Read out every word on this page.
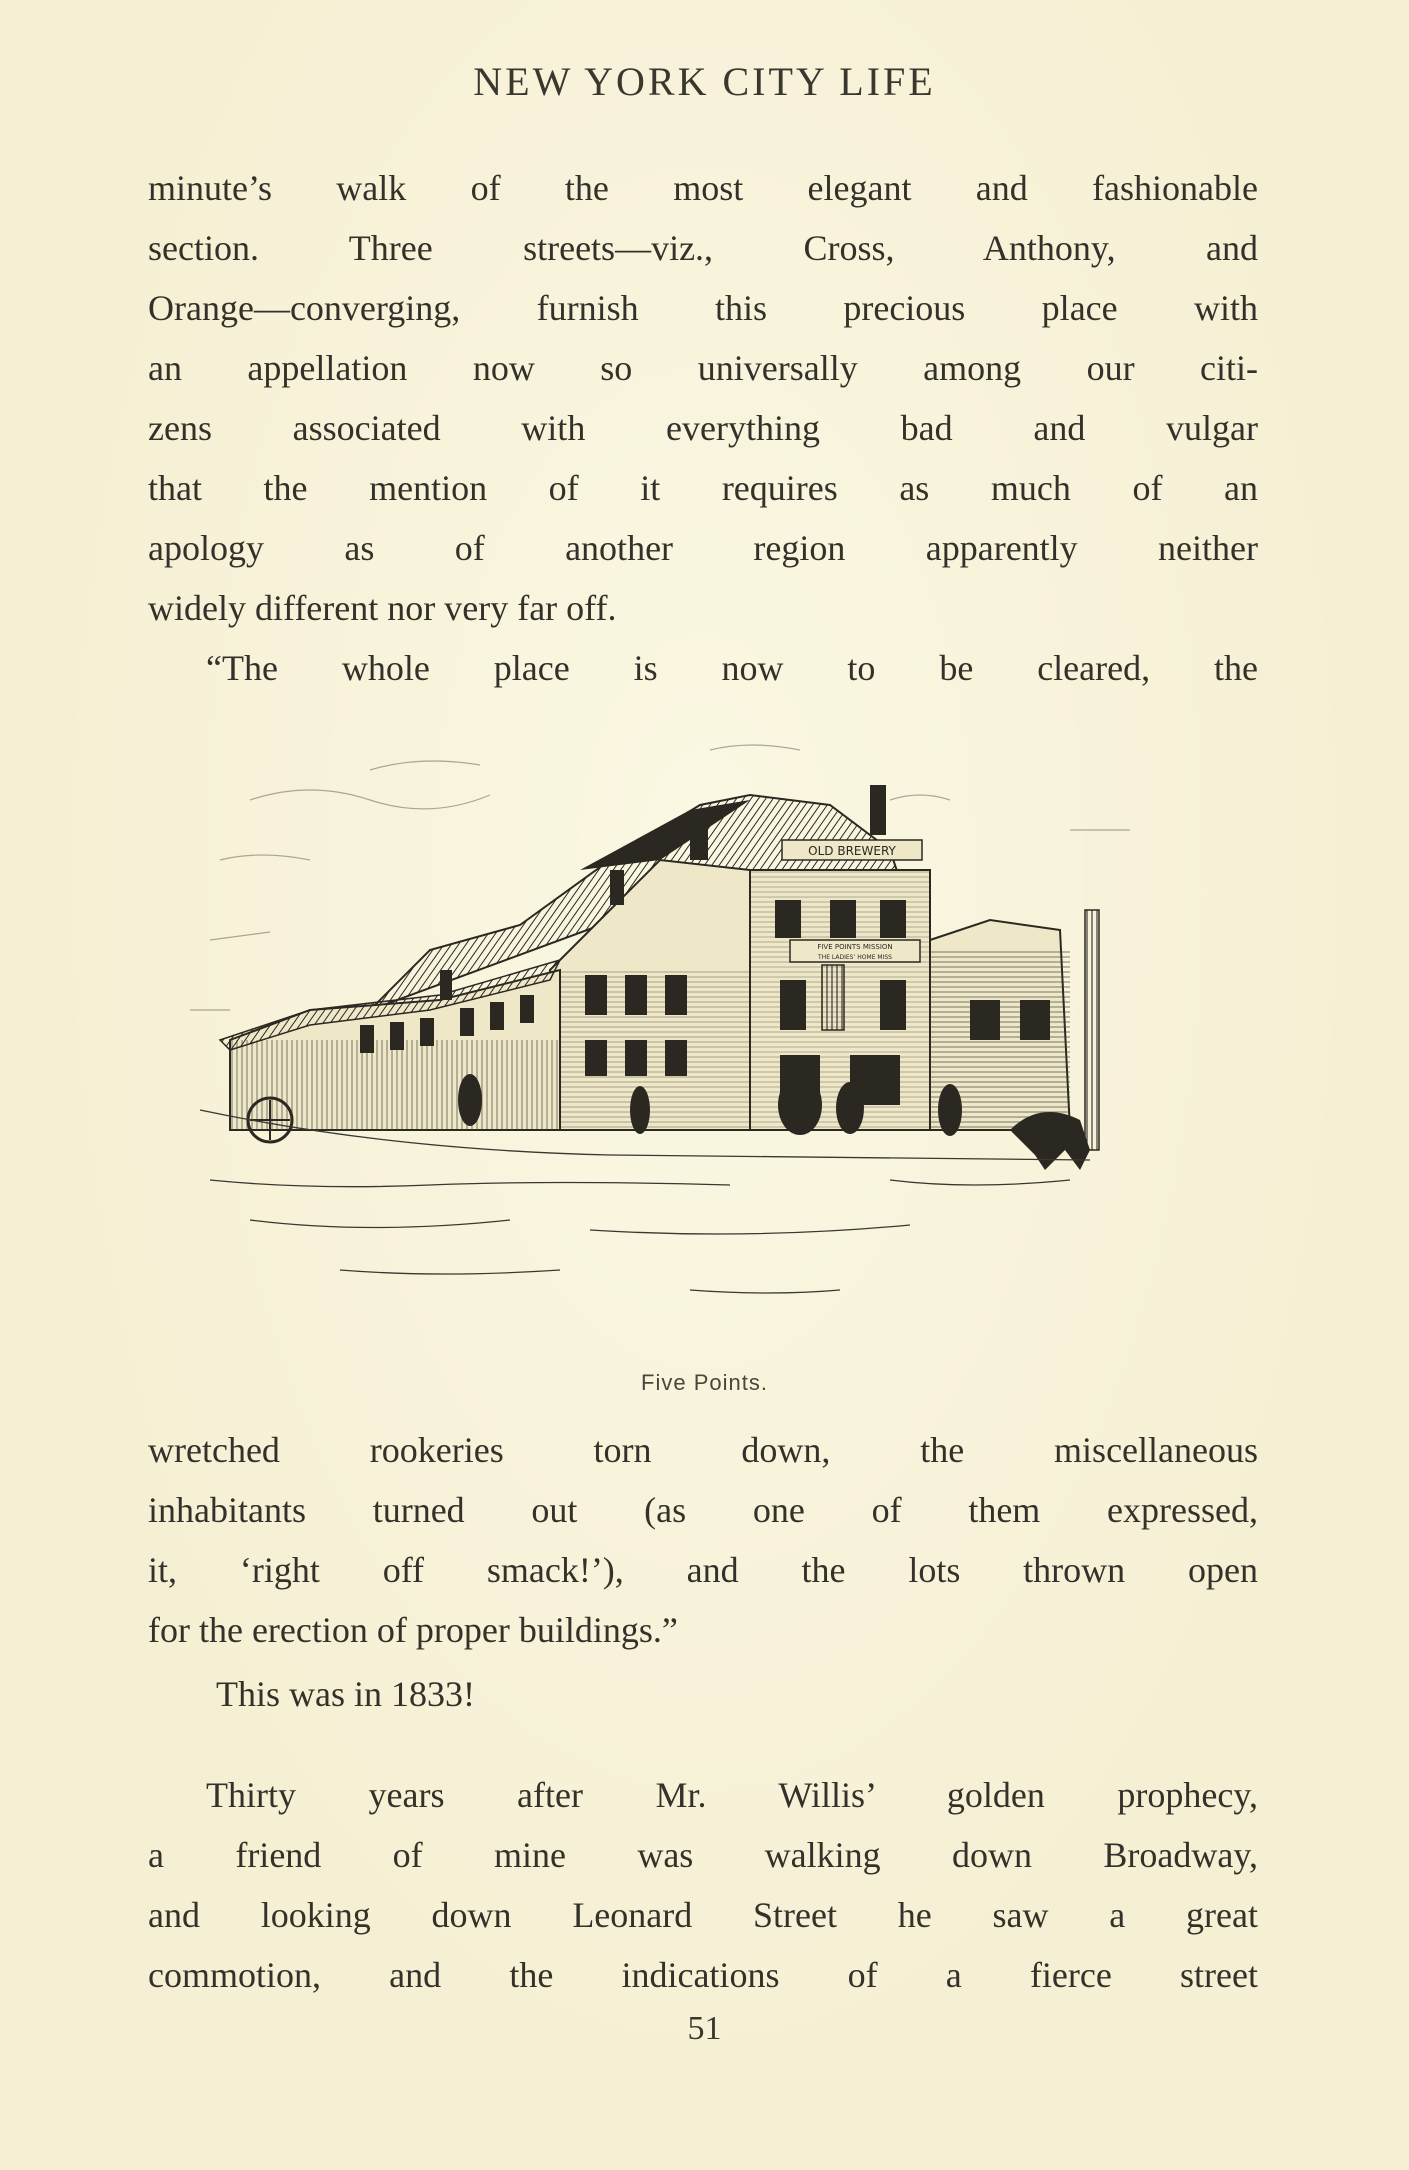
NEW YORK CITY LIFE
minute’s walk of the most elegant and fashionable
section. Three streets—viz., Cross, Anthony, and
Orange—converging, furnish this precious place with
an appellation now so universally among our citi-
zens associated with everything bad and vulgar
that the mention of it requires as much of an
apology as of another region apparently neither
widely different nor very far off.
“The whole place is now to be cleared, the
OLD BREWERY
FIVE POINTS MISSION
THE LADIES’ HOME MISS
Five Points.
wretched rookeries torn down, the miscellaneous
inhabitants turned out (as one of them expressed,
it, ‘right off smack!’), and the lots thrown open
for the erection of proper buildings.”
This was in 1833!
Thirty years after Mr. Willis’ golden prophecy,
a friend of mine was walking down Broadway,
and looking down Leonard Street he saw a great
commotion, and the indications of a fierce street
51
